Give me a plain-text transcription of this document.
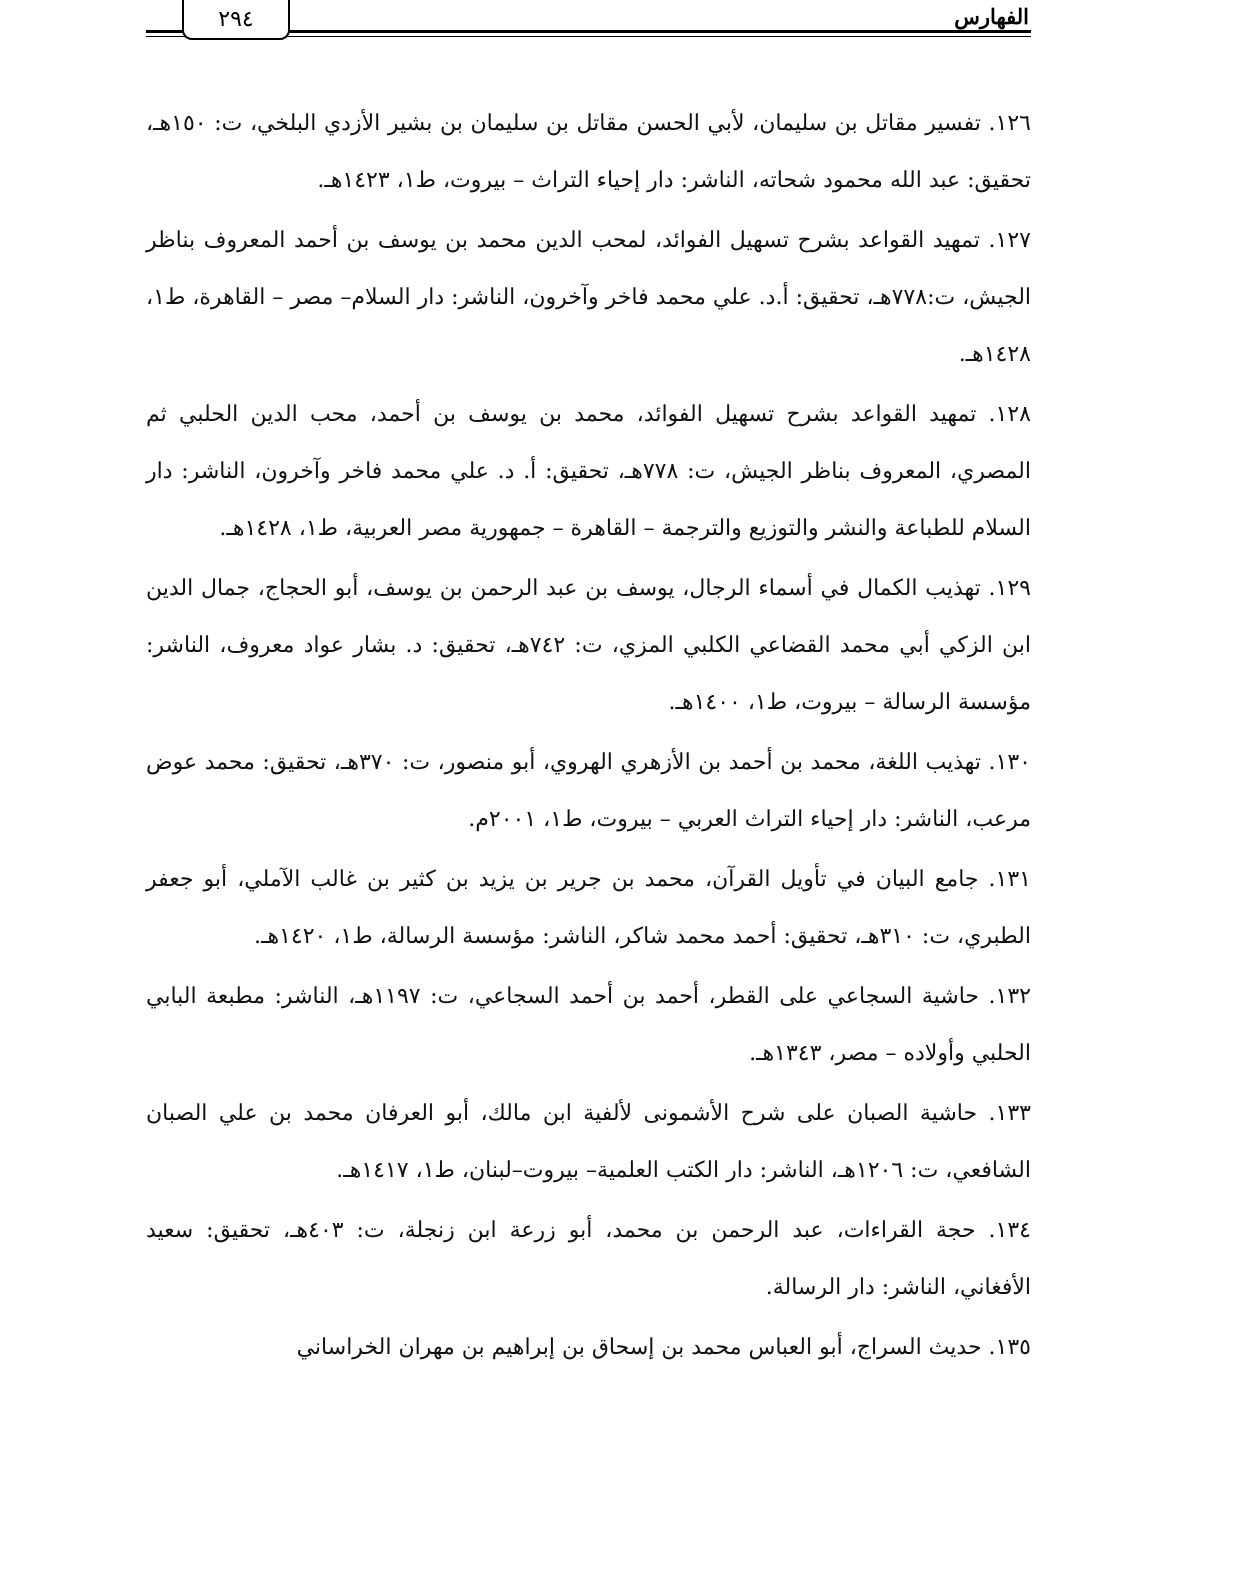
٢٩٤	الفهارس

١٢٦. تفسير مقاتل بن سليمان، لأبي الحسن مقاتل بن سليمان بن بشير الأزدي البلخي، ت: ١٥٠هـ، تحقيق: عبد الله محمود شحاته، الناشر: دار إحياء التراث – بيروت، ط١، ١٤٢٣هـ.

١٢٧. تمهيد القواعد بشرح تسهيل الفوائد، لمحب الدين محمد بن يوسف بن أحمد المعروف بناظر الجيش، ت:٧٧٨هـ، تحقيق: أ.د. علي محمد فاخر وآخرون، الناشر: دار السلام– مصر – القاهرة، ط١، ١٤٢٨هـ.

١٢٨. تمهيد القواعد بشرح تسهيل الفوائد، محمد بن يوسف بن أحمد، محب الدين الحلبي ثم المصري، المعروف بناظر الجيش، ت: ٧٧٨هـ، تحقيق: أ. د. علي محمد فاخر وآخرون، الناشر: دار السلام للطباعة والنشر والتوزيع والترجمة – القاهرة – جمهورية مصر العربية، ط١، ١٤٢٨هـ.

١٢٩. تهذيب الكمال في أسماء الرجال، يوسف بن عبد الرحمن بن يوسف، أبو الحجاج، جمال الدين ابن الزكي أبي محمد القضاعي الكلبي المزي، ت: ٧٤٢هـ، تحقيق: د. بشار عواد معروف، الناشر: مؤسسة الرسالة – بيروت، ط١، ١٤٠٠هـ.

١٣٠. تهذيب اللغة، محمد بن أحمد بن الأزهري الهروي، أبو منصور، ت: ٣٧٠هـ، تحقيق: محمد عوض مرعب، الناشر: دار إحياء التراث العربي – بيروت، ط١، ٢٠٠١م.

١٣١. جامع البيان في تأويل القرآن، محمد بن جرير بن يزيد بن كثير بن غالب الآملي، أبو جعفر الطبري، ت: ٣١٠هـ، تحقيق: أحمد محمد شاكر، الناشر: مؤسسة الرسالة، ط١، ١٤٢٠هـ.

١٣٢. حاشية السجاعي على القطر، أحمد بن أحمد السجاعي، ت: ١١٩٧هـ، الناشر: مطبعة البابي الحلبي وأولاده – مصر، ١٣٤٣هـ.

١٣٣. حاشية الصبان على شرح الأشمونى لألفية ابن مالك، أبو العرفان محمد بن علي الصبان الشافعي، ت: ١٢٠٦هـ، الناشر: دار الكتب العلمية– بيروت–لبنان، ط١، ١٤١٧هـ.

١٣٤. حجة القراءات، عبد الرحمن بن محمد، أبو زرعة ابن زنجلة، ت: ٤٠٣هـ، تحقيق: سعيد الأفغاني، الناشر: دار الرسالة.

١٣٥. حديث السراج، أبو العباس محمد بن إسحاق بن إبراهيم بن مهران الخراساني
